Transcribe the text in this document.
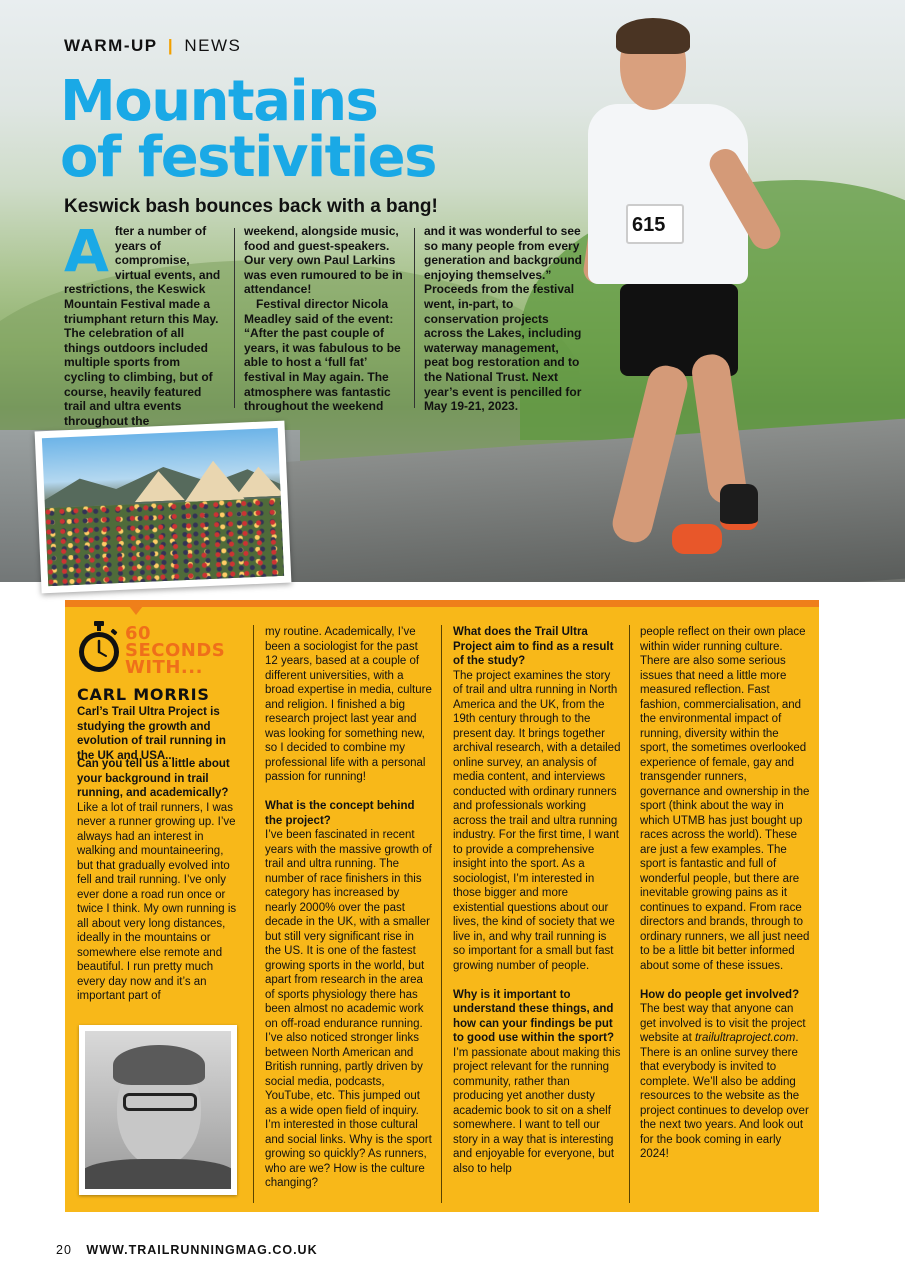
615
WARM-UP | NEWS
Mountains
of festivities
Keswick bash bounces back with a bang!
After a number of years of compromise, virtual events, and restrictions, the Keswick Mountain Festival made a triumphant return this May. The celebration of all things outdoors included multiple sports from cycling to climbing, but of course, heavily featured trail and ultra events throughout the

weekend, alongside music, food and guest-speakers. Our very own Paul Larkins was even rumoured to be in attendance!

Festival director Nicola Meadley said of the event: “After the past couple of years, it was fabulous to be able to host a ‘full fat’ festival in May again. The atmosphere was fantastic throughout the weekend

and it was wonderful to see so many people from every generation and background enjoying themselves.” Proceeds from the festival went, in-part, to conservation projects across the Lakes, including waterway management, peat bog restoration and to the National Trust. Next year’s event is pencilled for May 19-21, 2023.

60
SECONDS
WITH...
CARL MORRIS
Carl’s Trail Ultra Project is studying the growth and evolution of trail running in the UK and USA...

Can you tell us a little about your background in trail running, and academically?

Like a lot of trail runners, I was never a runner growing up. I’ve always had an interest in walking and mountaineering, but that gradually evolved into fell and trail running. I’ve only ever done a road run once or twice I think. My own running is all about very long distances, ideally in the mountains or somewhere else remote and beautiful. I run pretty much every day now and it’s an important part of

my routine. Academically, I’ve been a sociologist for the past 12 years, based at a couple of different universities, with a broad expertise in media, culture and religion. I finished a big research project last year and was looking for something new, so I decided to combine my professional life with a personal passion for running!

What is the concept behind the project?

I’ve been fascinated in recent years with the massive growth of trail and ultra running. The number of race finishers in this category has increased by nearly 2000% over the past decade in the UK, with a smaller but still very significant rise in the US. It is one of the fastest growing sports in the world, but apart from research in the area of sports physiology there has been almost no academic work on off-road endurance running. I’ve also noticed stronger links between North American and British running, partly driven by social media, podcasts, YouTube, etc. This jumped out as a wide open field of inquiry. I’m interested in those cultural and social links. Why is the sport growing so quickly? As runners, who are we? How is the culture changing?

What does the Trail Ultra Project aim to find as a result of the study?

The project examines the story of trail and ultra running in North America and the UK, from the 19th century through to the present day. It brings together archival research, with a detailed online survey, an analysis of media content, and interviews conducted with ordinary runners and professionals working across the trail and ultra running industry. For the first time, I want to provide a comprehensive insight into the sport. As a sociologist, I’m interested in those bigger and more existential questions about our lives, the kind of society that we live in, and why trail running is so important for a small but fast growing number of people.

Why is it important to understand these things, and how can your findings be put to good use within the sport?

I’m passionate about making this project relevant for the running community, rather than producing yet another dusty academic book to sit on a shelf somewhere. I want to tell our story in a way that is interesting and enjoyable for everyone, but also to help

people reflect on their own place within wider running culture. There are also some serious issues that need a little more measured reflection. Fast fashion, commercialisation, and the environmental impact of running, diversity within the sport, the sometimes overlooked experience of female, gay and transgender runners, governance and ownership in the sport (think about the way in which UTMB has just bought up races across the world). These are just a few examples. The sport is fantastic and full of wonderful people, but there are inevitable growing pains as it continues to expand. From race directors and brands, through to ordinary runners, we all just need to be a little bit better informed about some of these issues.

How do people get involved?

The best way that anyone can get involved is to visit the project website at trailultraproject.com. There is an online survey there that everybody is invited to complete. We’ll also be adding resources to the website as the project continues to develop over the next two years. And look out for the book coming in early 2024!

20 WWW.TRAILRUNNINGMAG.CO.UK
